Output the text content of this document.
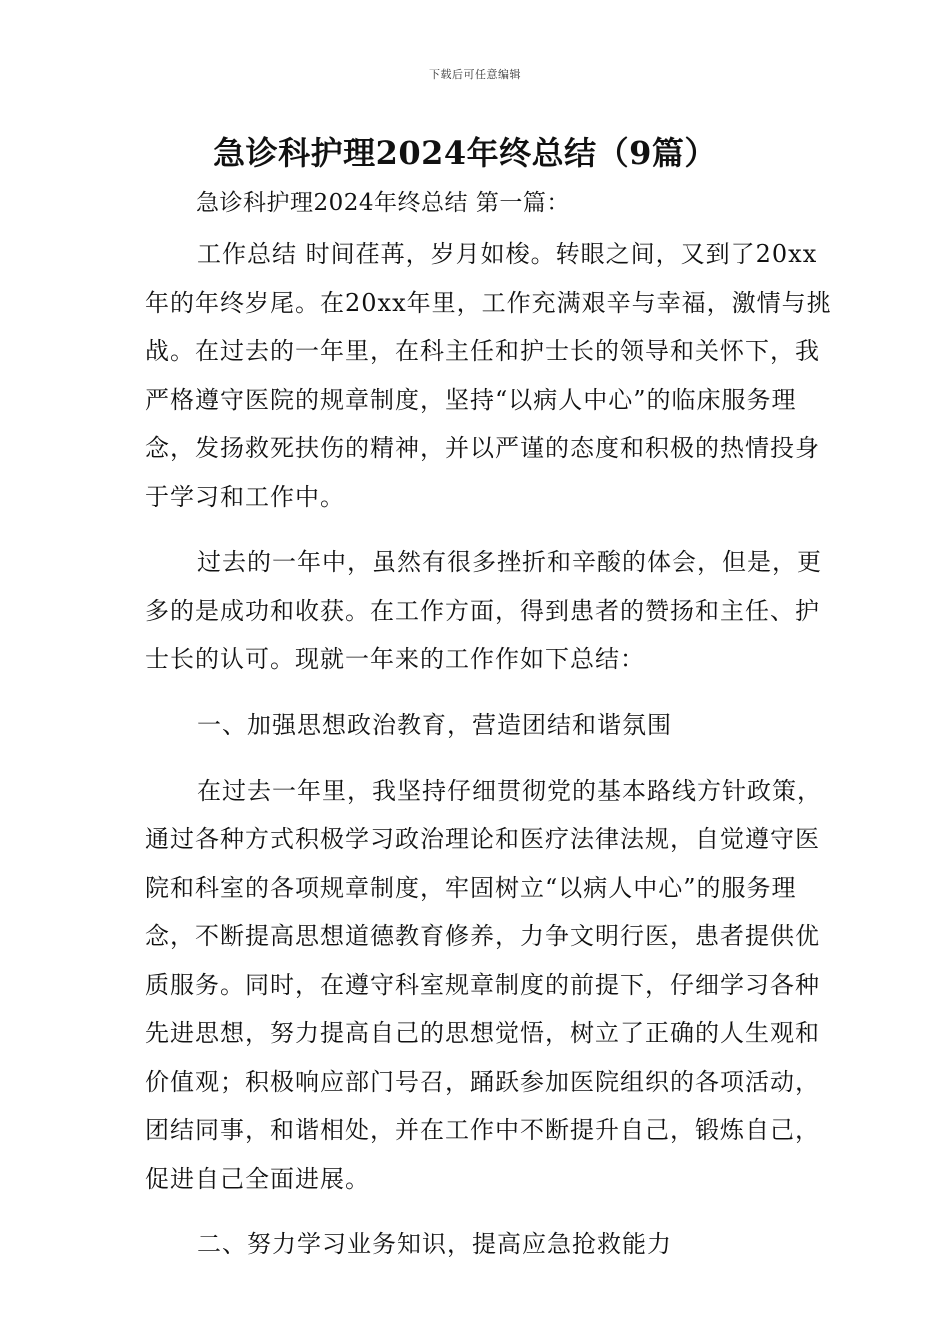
下载后可任意编辑
急诊科护理2024年终总结（9篇）

急诊科护理2024年终总结 第一篇：

工作总结 时间荏苒，岁月如梭。转眼之间，又到了20xx年的年终岁尾。在20xx年里，工作充满艰辛与幸福，激情与挑战。在过去的一年里，在科主任和护士长的领导和关怀下，我严格遵守医院的规章制度，坚持“以病人中心”的临床服务理念，发扬救死扶伤的精神，并以严谨的态度和积极的热情投身于学习和工作中。

过去的一年中，虽然有很多挫折和辛酸的体会，但是，更多的是成功和收获。在工作方面，得到患者的赞扬和主任、护士长的认可。现就一年来的工作作如下总结：

一、加强思想政治教育，营造团结和谐氛围

在过去一年里，我坚持仔细贯彻党的基本路线方针政策，通过各种方式积极学习政治理论和医疗法律法规，自觉遵守医院和科室的各项规章制度，牢固树立“以病人中心”的服务理念，不断提高思想道德教育修养，力争文明行医，患者提供优质服务。同时，在遵守科室规章制度的前提下，仔细学习各种先进思想，努力提高自己的思想觉悟，树立了正确的人生观和价值观；积极响应部门号召，踊跃参加医院组织的各项活动，团结同事，和谐相处，并在工作中不断提升自己，锻炼自己，促进自己全面进展。

二、努力学习业务知识，提高应急抢救能力
